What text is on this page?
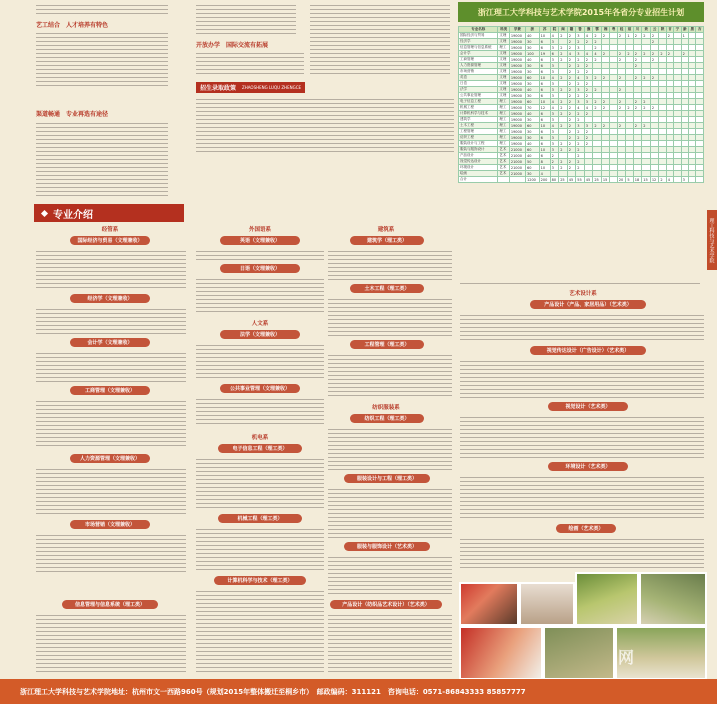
艺工结合　人才培养有特色
渠道畅通　专业再选有途径
开放办学　国际交流有拓展
招生录取政策 ZHAOSHENG LUQU ZHENGCE
浙江理工大学科技与艺术学院2015年各省分专业招生计划
专业名称	科类	学费	浙	苏	皖	闽	赣	鲁	豫	鄂	湘	粤	桂	琼	川	贵	云	陕	甘	宁	新	黑	吉
国际经济与贸易	文理	19000	40	10	4	2	2	3	4	2	2		2	1	2	2	2		2		1		
经济学	文理	19000	30	6	3		2	2	2	2							2						
信息管理与信息系统	理工	19000	30	6	3	2	2	3		2													
会计学	文理	19000	100	19	6	2	4	3	4	4	2		2	2	2	2	2	2	2		2		
工商管理	文理	19000	40	6	3	2	2	2	2	2			2		2		2						
人力资源管理	文理	19000	30	6	3		2	2	2						2								
市场营销	文理	19000	30	6	3		2	2	2														
英语	文理	19000	60	10	4	2	2	4	3	2	2		2		2	2	2						
日语	文理	19000	30	6	3		2	2	2														
法学	文理	19000	40	6	3	2	2	3	2	2			2										
公共事业管理	文理	19000	30	6	3		2	2	2														
电子信息工程	理工	19000	60	10	4	2	2	3	3	2	2		2		2	2							
机械工程	理工	19000	70	12	4	2	2	4	4	2	2		2	2	2	2	2						
计算机科学与技术	理工	19000	40	6	3	2	2	2	2														
建筑学	理工	19000	30	6	3		2	2															
土木工程	理工	19000	60	10	4	2	2	3	3	2	2		2		2	2							
工程管理	理工	19000	30	6	3		2	2	2														
纺织工程	理工	19000	30	6	3		2	2	2														
服装设计与工程	理工	19000	40	6	3	2	2	2	2														
服装与服饰设计	艺术	21000	60	10	3	2	2	2															
产品设计	艺术	21000	40	6	2			2															
视觉传达设计	艺术	21000	50	8	2	2	2	2															
环境设计	艺术	21000	60	10	3	2	2	2															
绘画	艺术	21000	30	4																			
合计			1200	200	80	25	45	55	45	25	15		20	5	18	15	12	2	4		3		
专业介绍
经管系
国际经济与贸易（文理兼收）
经济学（文理兼收）
会计学（文理兼收）
工商管理（文理兼收）
人力资源管理（文理兼收）
市场营销（文理兼收）
信息管理与信息系统（理工类）
外国语系
英语（文理兼收）
日语（文理兼收）
人文系
法学（文理兼收）
公共事业管理（文理兼收）
机电系
电子信息工程（理工类）
机械工程（理工类）
计算机科学与技术（理工类）
建筑系
建筑学（理工类）
土木工程（理工类）
工程管理（理工类）
纺织服装系
纺织工程（理工类）
服装设计与工程（理工类）
服装与服饰设计（艺术类）
产品设计（纺织品艺术设计）（艺术类）
艺术设计系
产品设计（产品、家居用品）（艺术类）
视觉传达设计（广告设计）（艺术类）
视觉设计（艺术类）
环境设计（艺术类）
绘画（艺术类）
网
理工科技与艺术学院
浙江理工大学科技与艺术学院地址：杭州市文一西路960号（规划2015年整体搬迁至桐乡市）　邮政编码：311121　咨询电话：0571-86843333 85857777
